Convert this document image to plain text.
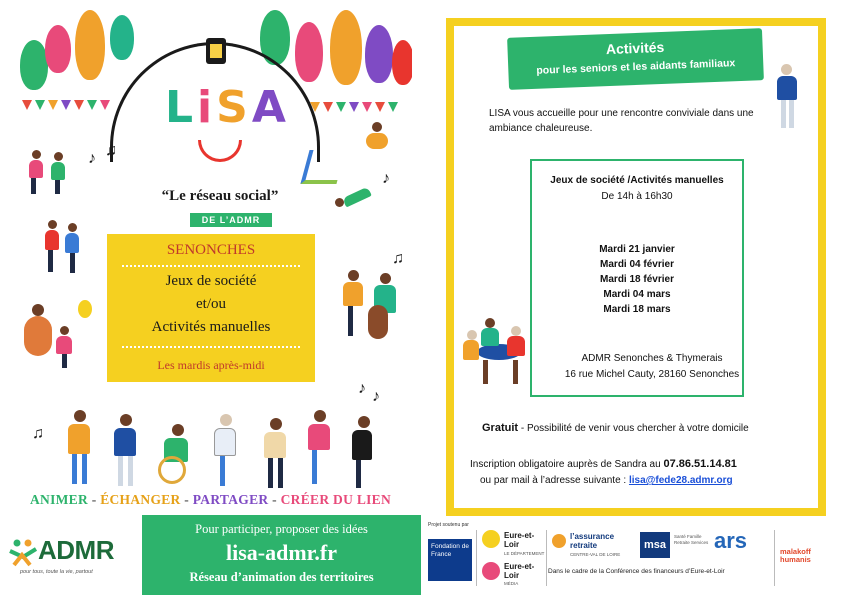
LiSA
“Le réseau social”
DE L’ADMR
♪ ♫
♪
♫
♫
♪
♪
SENONCHES
Jeux de société
et/ou
Activités manuelles
Les mardis après-midi
ANIMER - ÉCHANGER - PARTAGER - CRÉER DU LIEN
ADMR
pour tous, toute la vie, partout
Pour participer, proposer des idées
lisa-admr.fr
Réseau d’animation des territoires
Activités
pour les seniors et les aidants familiaux
LISA vous accueille pour une rencontre conviviale dans une ambiance chaleureuse.
Jeux de société /Activités manuelles
De 14h à 16h30
Mardi 21 janvier
Mardi 04 février
Mardi 18 février
Mardi 04 mars
Mardi 18 mars
ADMR Senonches & Thymerais
16 rue Michel Cauty, 28160 Senonches
Gratuit - Possibilité de venir vous chercher à votre domicile
Inscription obligatoire auprès de Sandra au 07.86.51.14.81
ou par mail à l’adresse suivante : lisa@fede28.admr.org
Projet soutenu par
Fondation de France
Eure-et-Loir
LE DÉPARTEMENT
Eure-et-Loir
MÉDIA
l’assurance retraite
CENTRE-VAL DE LOIRE
msa
Santé Famille Retraite Services ars	malakoff humanis
Dans le cadre de la Conférence des financeurs d’Eure-et-Loir
